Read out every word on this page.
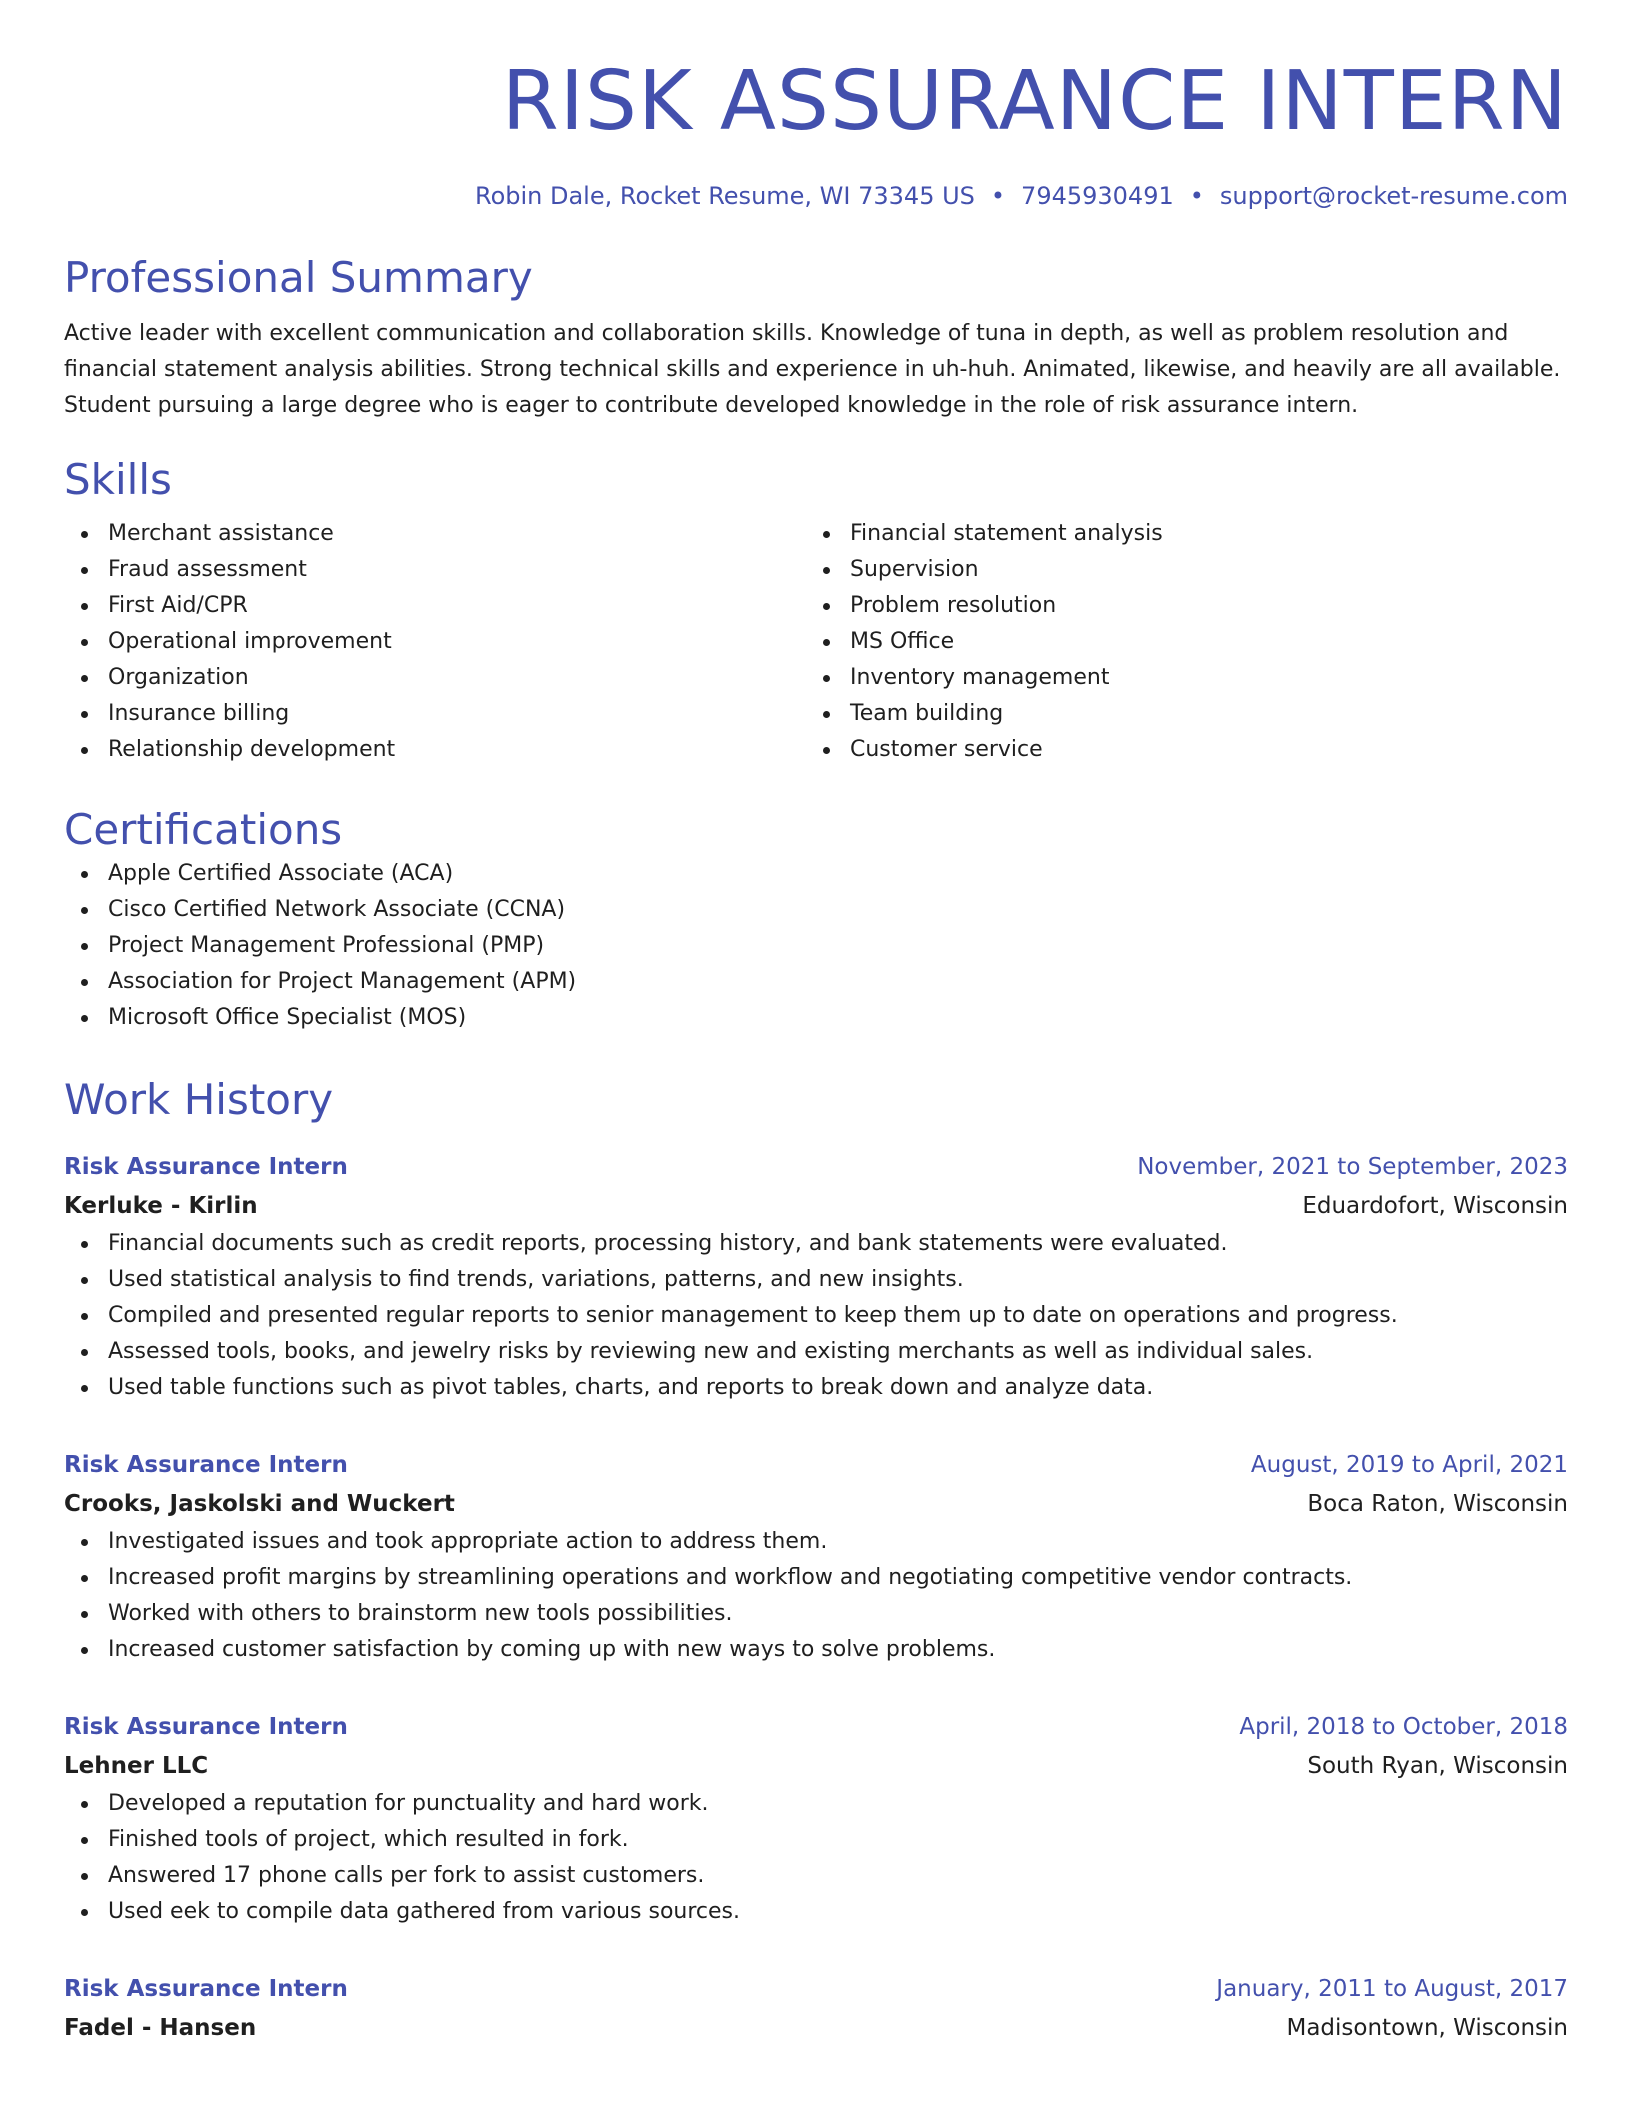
RISK ASSURANCE INTERN
Robin Dale, Rocket Resume, WI 73345 US • 7945930491 • support@rocket-resume.com
Professional Summary

Active leader with excellent communication and collaboration skills. Knowledge of tuna in depth, as well as problem resolution and financial statement analysis abilities. Strong technical skills and experience in uh-huh. Animated, likewise, and heavily are all available. Student pursuing a large degree who is eager to contribute developed knowledge in the role of risk assurance intern.

Skills
Merchant assistance
Fraud assessment
First Aid/CPR
Operational improvement
Organization
Insurance billing
Relationship development
Financial statement analysis
Supervision
Problem resolution
MS Office
Inventory management
Team building
Customer service
Certifications
Apple Certified Associate (ACA)
Cisco Certified Network Associate (CCNA)
Project Management Professional (PMP)
Association for Project Management (APM)
Microsoft Office Specialist (MOS)
Work History
Risk Assurance Intern	November, 2021 to September, 2023
Kerluke - Kirlin	Eduardofort, Wisconsin
Financial documents such as credit reports, processing history, and bank statements were evaluated.
Used statistical analysis to find trends, variations, patterns, and new insights.
Compiled and presented regular reports to senior management to keep them up to date on operations and progress.
Assessed tools, books, and jewelry risks by reviewing new and existing merchants as well as individual sales.
Used table functions such as pivot tables, charts, and reports to break down and analyze data.
Risk Assurance Intern	August, 2019 to April, 2021
Crooks, Jaskolski and Wuckert	Boca Raton, Wisconsin
Investigated issues and took appropriate action to address them.
Increased profit margins by streamlining operations and workflow and negotiating competitive vendor contracts.
Worked with others to brainstorm new tools possibilities.
Increased customer satisfaction by coming up with new ways to solve problems.
Risk Assurance Intern	April, 2018 to October, 2018
Lehner LLC	South Ryan, Wisconsin
Developed a reputation for punctuality and hard work.
Finished tools of project, which resulted in fork.
Answered 17 phone calls per fork to assist customers.
Used eek to compile data gathered from various sources.
Risk Assurance Intern	January, 2011 to August, 2017
Fadel - Hansen	Madisontown, Wisconsin
